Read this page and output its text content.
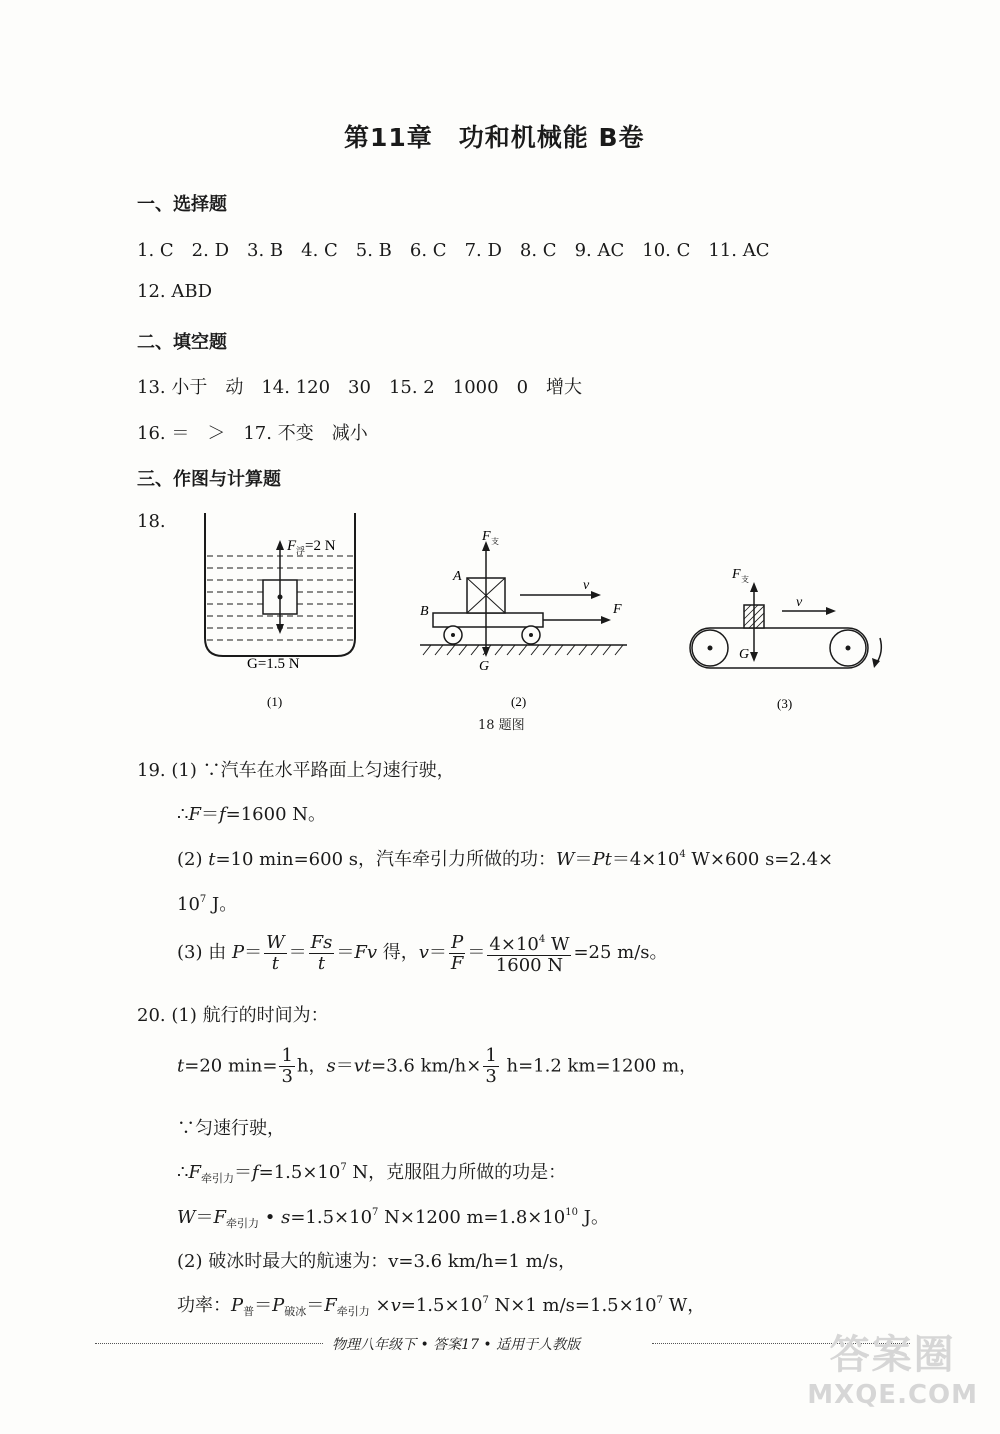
第11章　功和机械能 B卷
一、选择题
1. C　2. D　3. B　4. C　5. B　6. C　7. D　8. C　9. AC　10. C　11. AC
12. ABD
二、填空题
13. 小于　动　14. 120　30　15. 2　1000　0　增大
16. ＝　＞　17. 不变　减小
三、作图与计算题
18.
F 浮 =2 N
G=1.5 N
(1)
F 支
A
B
v
F
G
(2)
18 题图
F 支
v
G
(3)
19. (1) ∵汽车在水平路面上匀速行驶，
∴F＝f=1600 N。
(2) t=10 min=600 s，汽车牵引力所做的功：$W=Pt=4\times 10^4$ W×600 s=2.4×
$10^7$ J。
(3) 由 $P= \frac{W}{t} = \frac{Fs}{t} =Fv$ 得，$v= \frac{P}{F} = \frac{4\times 10^4 W}{1600 N} =25$ m/s。
20. (1) 航行的时间为：
t=20 $\min= \frac{1}{3}$ h，s＝vt=3.6 $km/h\times \frac{1}{3} h=1.2$ km=1200 m，
∵匀速行驶，
$\therefore F_{牵引力}=f=1.5\times 10^7$ N，克服阻力所做的功是：
$W=F_{牵引力}$ • $s=1.5\times 10^7$ N×1200 $m=1.8\times 10^{10}$ J。
(2) 破冰时最大的航速为：v=3.6 km/h=1 m/s，
功率：$P_普=P_{破冰}=F_{牵引力} \times v=1.5\times 10^7$ N×1 $m/s=1.5\times 10^7$ W，
物理八年级下 • 答案17 • 适用于人教版	答案圈
MXQE.COM
